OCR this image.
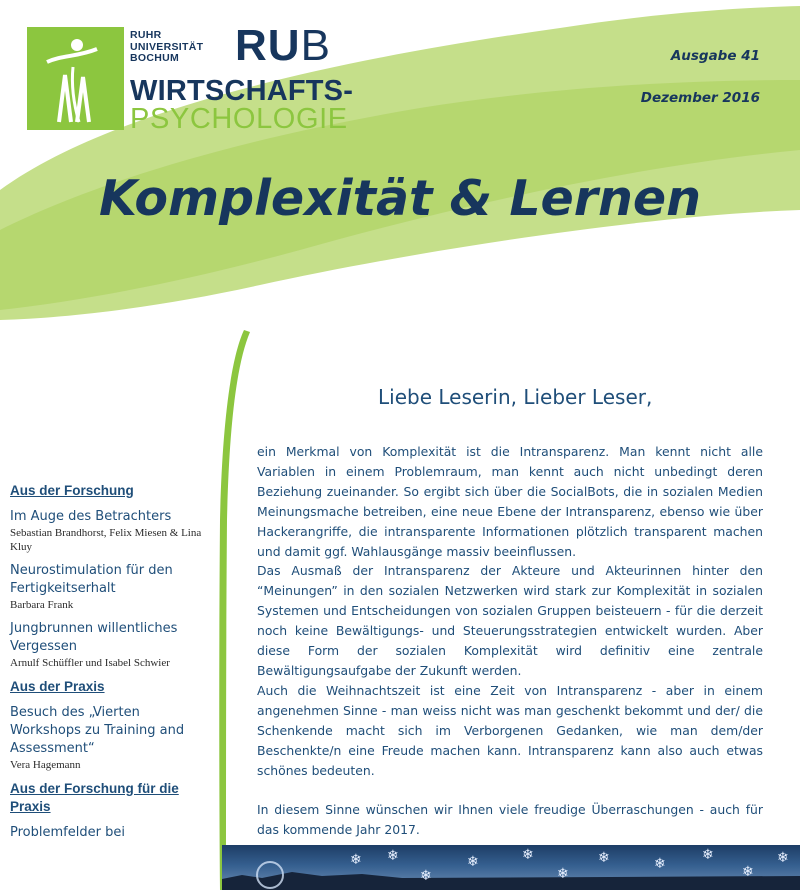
RUHR
UNIVERSITÄT
BOCHUM	RUB
WIRTSCHAFTS-
PSYCHOLOGIE
Ausgabe 41
Dezember 2016
Komplexität & Lernen
Liebe Leserin, Lieber Leser,

ein Merkmal von Komplexität ist die Intransparenz. Man kennt nicht alle Variablen in einem Problemraum, man kennt auch nicht unbedingt deren Beziehung zueinander. So ergibt sich über die SocialBots, die in sozialen Medien Meinungsmache betreiben, eine neue Ebene der Intransparenz, ebenso wie über Hackerangriffe, die intransparente Informationen plötzlich transparent machen und damit ggf. Wahlausgänge massiv beeinflussen.

Das Ausmaß der Intransparenz der Akteure und Akteurinnen hinter den “Meinungen” in den sozialen Netzwerken wird stark zur Komplexität in sozialen Systemen und Entscheidungen von sozialen Gruppen beisteuern - für die derzeit noch keine Bewältigungs- und Steuerungsstrategien entwickelt wurden. Aber diese Form der sozialen Komplexität wird definitiv eine zentrale Bewältigungsaufgabe der Zukunft werden.

Auch die Weihnachtszeit ist eine Zeit von Intransparenz - aber in einem angenehmen Sinne - man weiss nicht was man geschenkt bekommt und der/ die Schenkende macht sich im Verborgenen Gedanken, wie man dem/der Beschenkte/n eine Freude machen kann. Intransparenz kann also auch etwas schönes bedeuten.

In diesem Sinne wünschen wir Ihnen viele freudige Überraschungen - auch für das kommende Jahr 2017.

Aus der Forschung
Im Auge des Betrachters
Sebastian Brandhorst, Felix Miesen & Lina Kluy
Neurostimulation für den Fertigkeitserhalt
Barbara Frank
Jungbrunnen willentliches Vergessen
Arnulf Schüffler und Isabel Schwier
Aus der Praxis
Besuch des „Vierten Workshops zu Training and Assessment“
Vera Hagemann
Aus der Forschung für die Praxis
Problemfelder bei
❄ ❄
❄
❄	❄
❄
❄	❄
❄
❄
❄
